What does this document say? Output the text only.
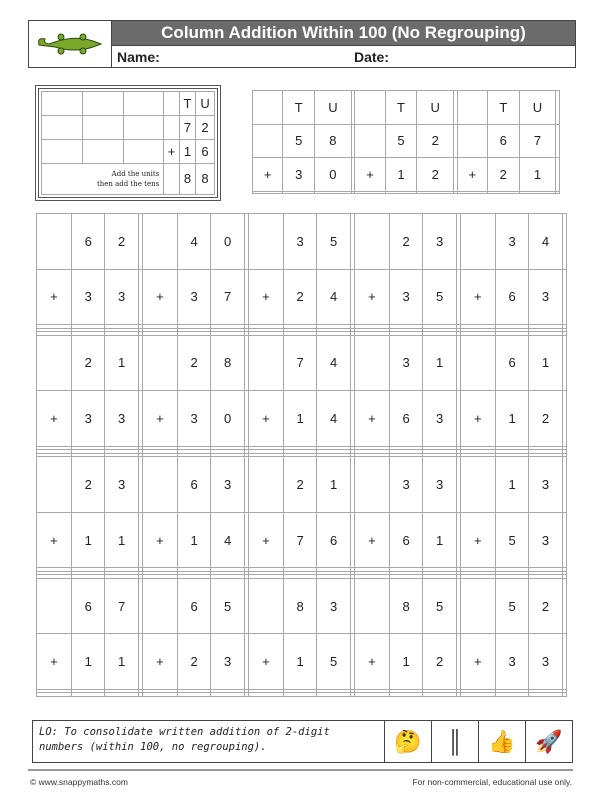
Column Addition Within 100 (No Regrouping)
Name:	Date:
				T	U
				7	2
			+	1	6
Add the units
then add the tens				8	8
	T	U			T	U			T	U	
	5	8			5	2			6	7	
+	3	0		+	1	2		+	2	1	

	6	2			4	0			3	5			2	3			3	4	
+	3	3		+	3	7		+	2	4		+	3	5		+	6	3	

	2	1			2	8			7	4			3	1			6	1	
+	3	3		+	3	0		+	1	4		+	6	3		+	1	2	

	2	3			6	3			2	1			3	3			1	3	
+	1	1		+	1	4		+	7	6		+	6	1		+	5	3	

	6	7			6	5			8	3			8	5			5	2	
+	1	1		+	2	3		+	1	5		+	1	2		+	3	3	

LO: To consolidate written addition of 2-digit
numbers (within 100, no regrouping).	🤔	║	👍 🚀
© www.snappymaths.com	For non-commercial, educational use only.
